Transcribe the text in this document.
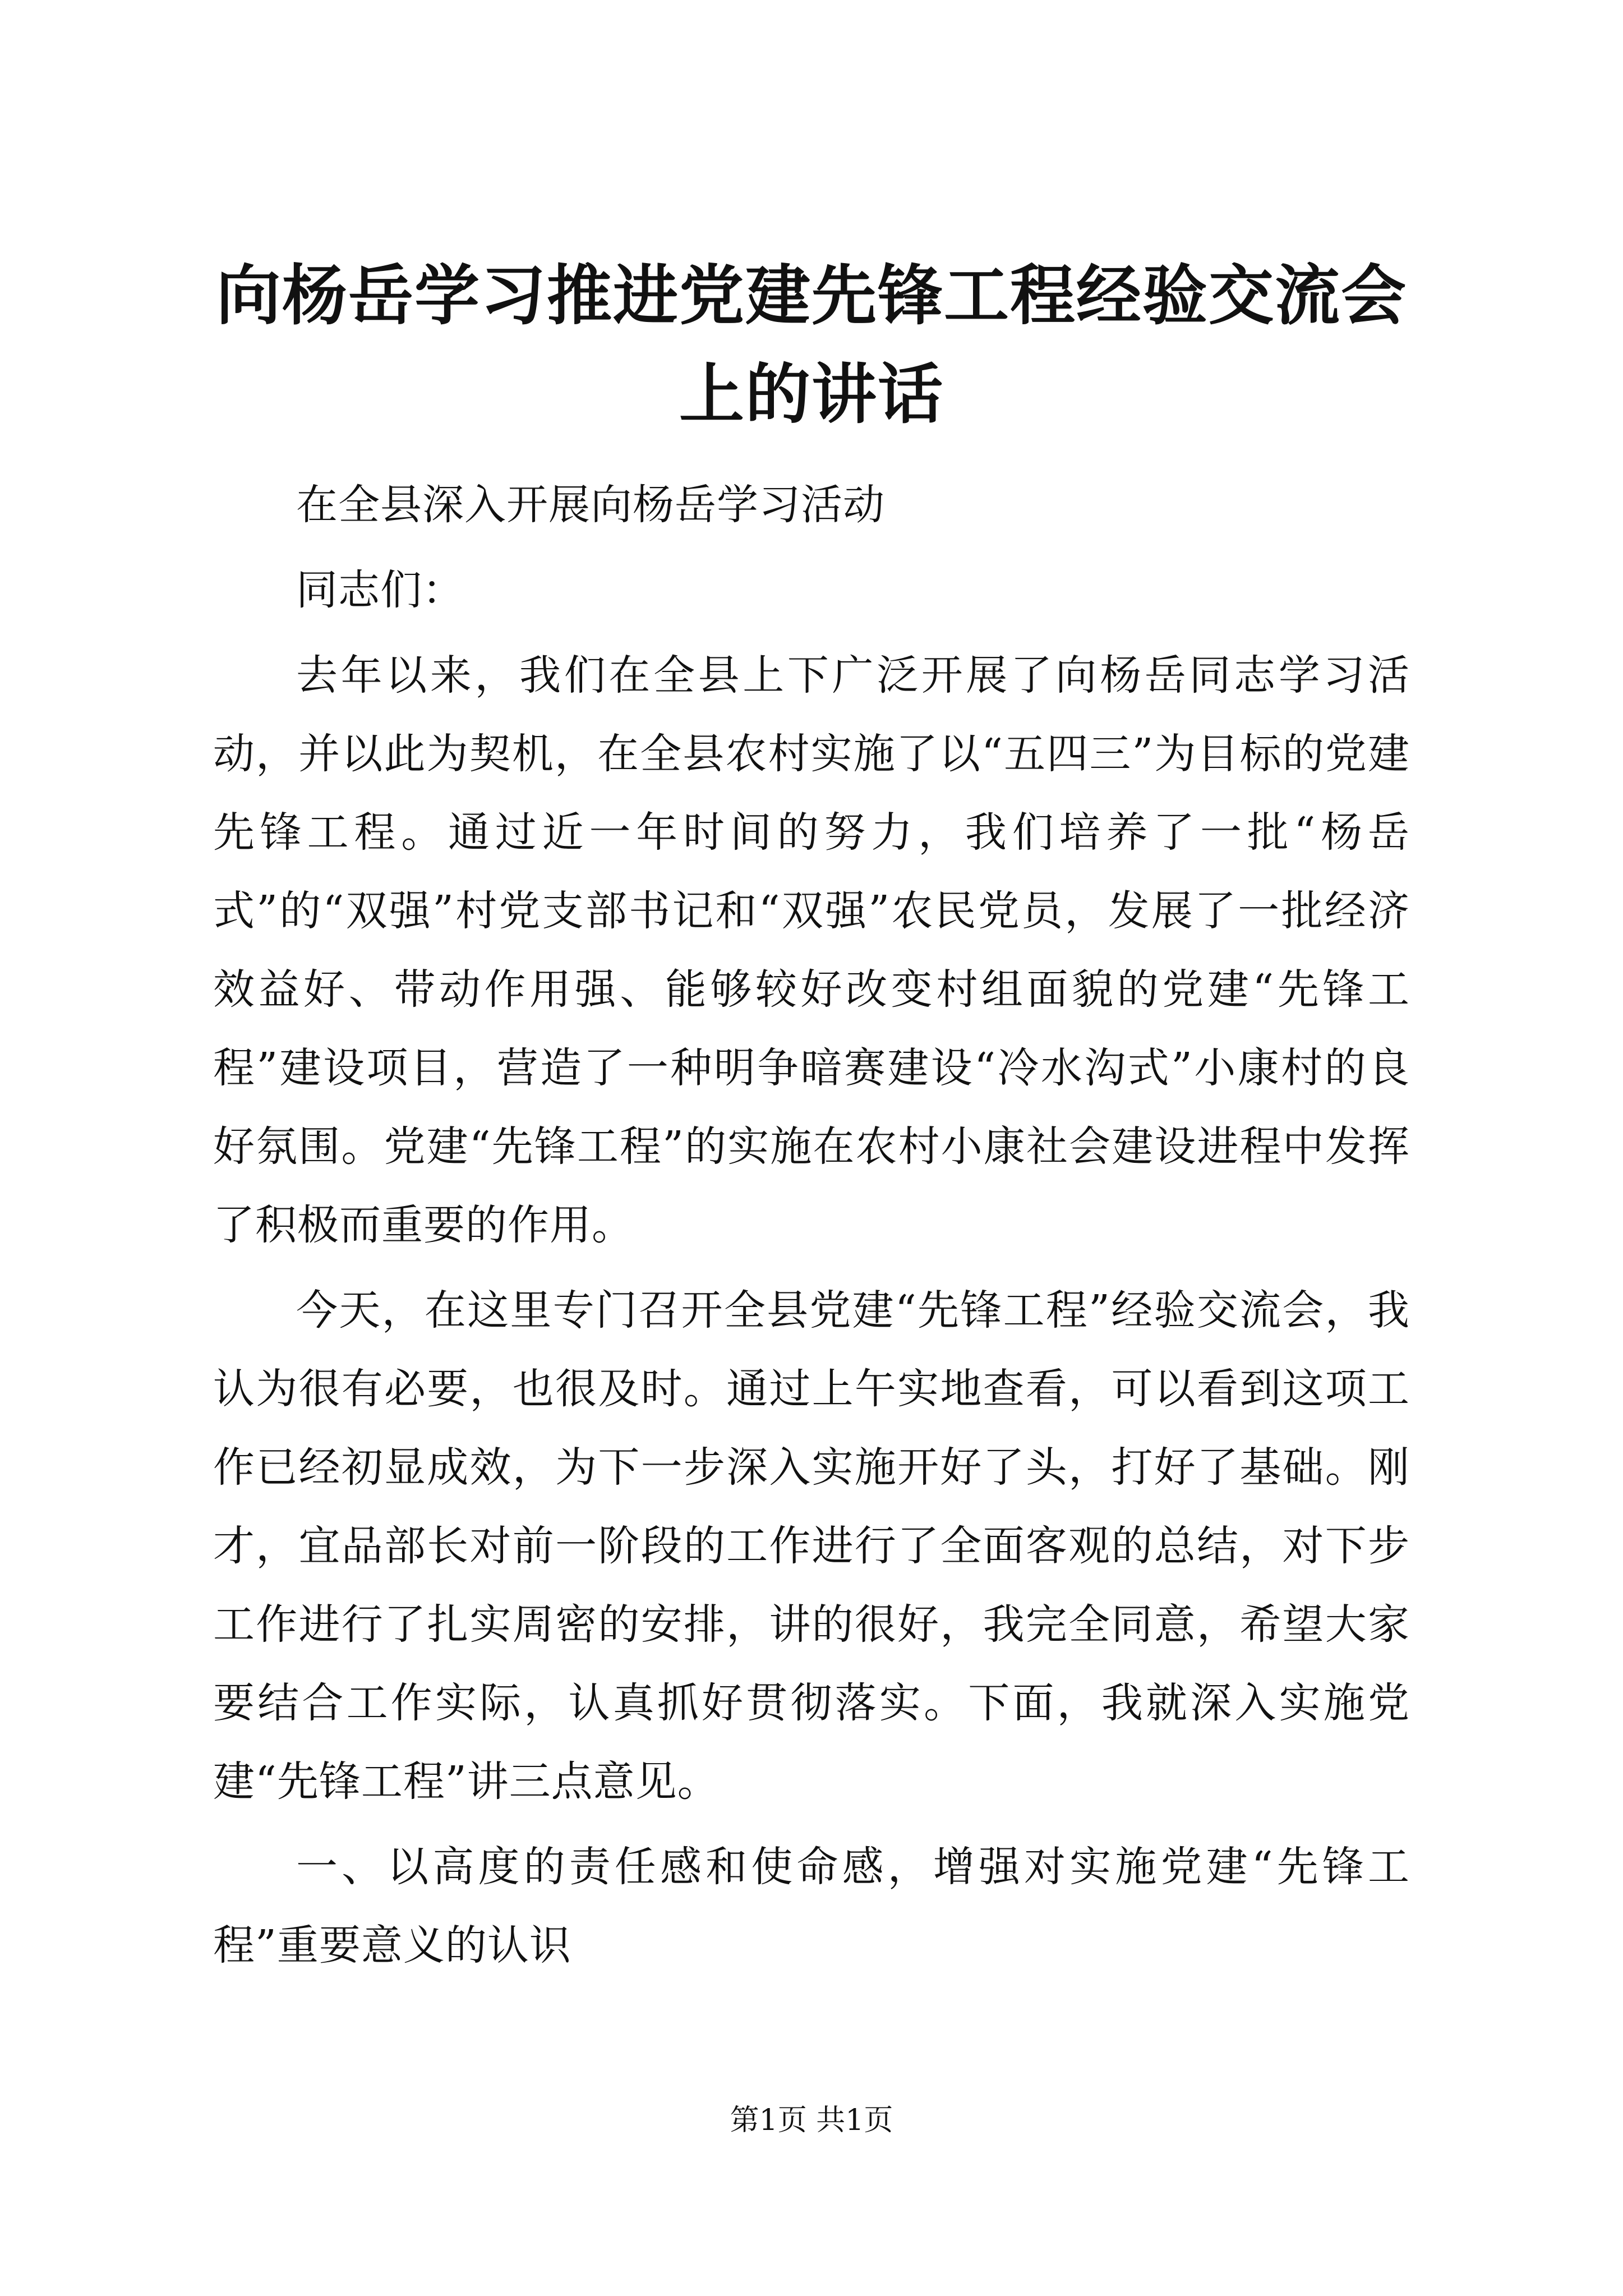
向杨岳学习推进党建先锋工程经验交流会上的讲话

在全县深入开展向杨岳学习活动

同志们：

去年以来，我们在全县上下广泛开展了向杨岳同志学习活动，并以此为契机，在全县农村实施了以“五四三”为目标的党建先锋工程。通过近一年时间的努力，我们培养了一批“杨岳式”的“双强”村党支部书记和“双强”农民党员，发展了一批经济效益好、带动作用强、能够较好改变村组面貌的党建“先锋工程”建设项目，营造了一种明争暗赛建设“冷水沟式”小康村的良好氛围。党建“先锋工程”的实施在农村小康社会建设进程中发挥了积极而重要的作用。

今天，在这里专门召开全县党建“先锋工程”经验交流会，我认为很有必要，也很及时。通过上午实地查看，可以看到这项工作已经初显成效，为下一步深入实施开好了头，打好了基础。刚才，宜品部长对前一阶段的工作进行了全面客观的总结，对下步工作进行了扎实周密的安排，讲的很好，我完全同意，希望大家要结合工作实际，认真抓好贯彻落实。下面，我就深入实施党建“先锋工程”讲三点意见。

一、以高度的责任感和使命感，增强对实施党建“先锋工程”重要意义的认识

第1页 共1页
